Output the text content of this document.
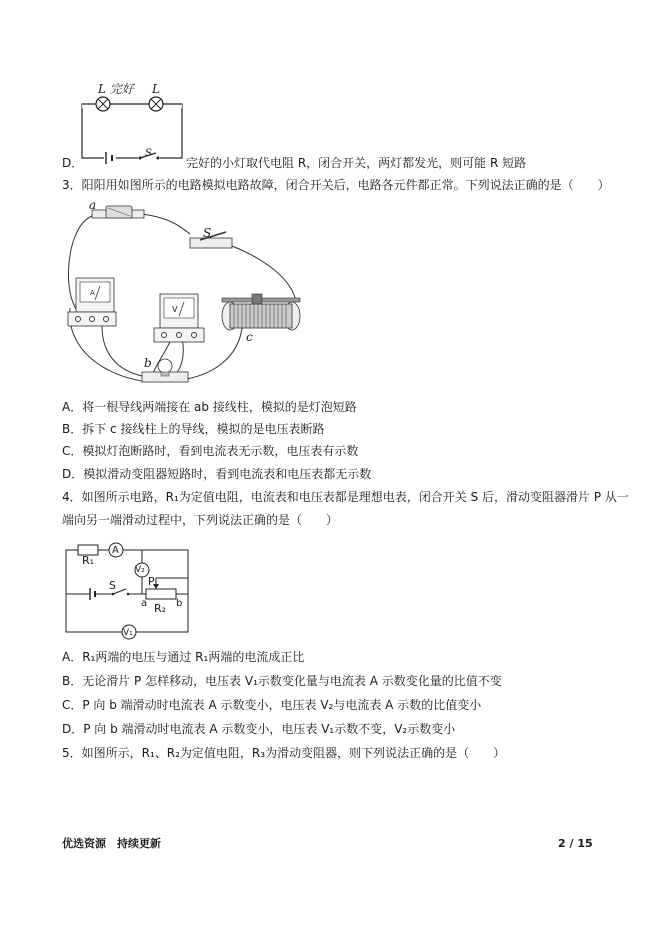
L 完好 L
S
D．	完好的小灯取代电阻 R，闭合开关，两灯都发光，则可能 R 短路
3．阳阳用如图所示的电路模拟电路故障，闭合开关后，电路各元件都正常。下列说法正确的是（　　）
a
S
A
V
c
b
A．将一根导线两端接在 ab 接线柱，模拟的是灯泡短路
B．拆下 c 接线柱上的导线，模拟的是电压表断路
C．模拟灯泡断路时，看到电流表无示数，电压表有示数
D．模拟滑动变阻器短路时，看到电流表和电压表都无示数
4．如图所示电路，R₁为定值电阻，电流表和电压表都是理想电表，闭合开关 S 后，滑动变阻器滑片 P 从一
端向另一端滑动过程中，下列说法正确的是（　　）
R₁
A
V₂
S	P
a	b
R₂
V₁
A．R₁两端的电压与通过 R₁两端的电流成正比
B．无论滑片 P 怎样移动，电压表 V₁示数变化量与电流表 A 示数变化量的比值不变
C．P 向 b 端滑动时电流表 A 示数变小，电压表 V₂与电流表 A 示数的比值变小
D．P 向 b 端滑动时电流表 A 示数变小，电压表 V₁示数不变，V₂示数变小
5．如图所示，R₁、R₂为定值电阻，R₃为滑动变阻器，则下列说法正确的是（　　）
优选资源　持续更新	2 / 15
